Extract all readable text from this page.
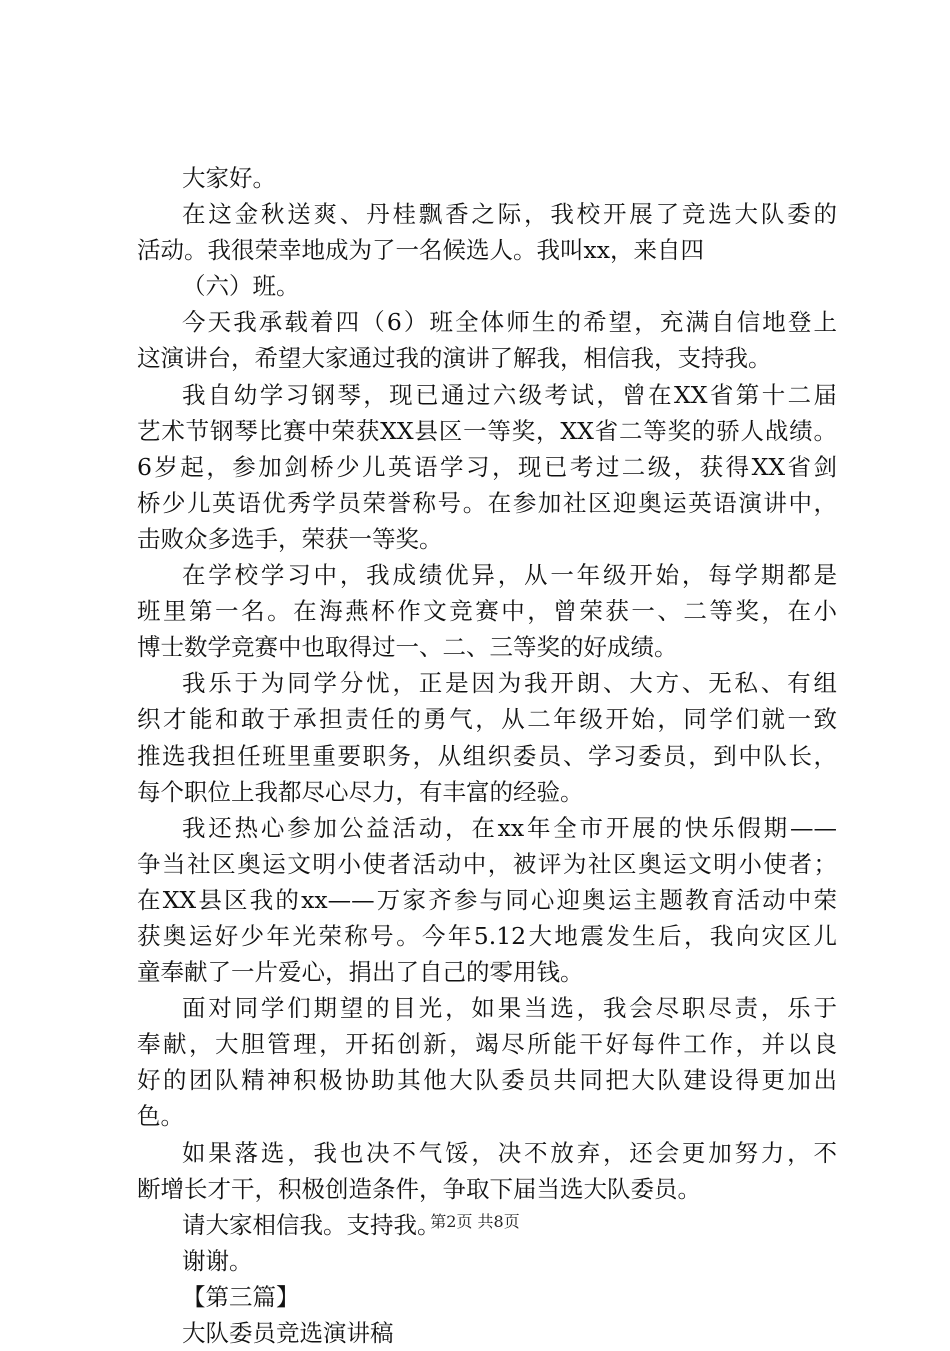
大家好。
在这金秋送爽、丹桂飘香之际，我校开展了竞选大队委的
活动。我很荣幸地成为了一名候选人。我叫xx，来自四
（六）班。
今天我承载着四（6）班全体师生的希望，充满自信地登上
这演讲台，希望大家通过我的演讲了解我，相信我，支持我。
我自幼学习钢琴，现已通过六级考试，曾在XX省第十二届
艺术节钢琴比赛中荣获XX县区一等奖，XX省二等奖的骄人战绩。
6岁起，参加剑桥少儿英语学习，现已考过二级，获得XX省剑
桥少儿英语优秀学员荣誉称号。在参加社区迎奥运英语演讲中，
击败众多选手，荣获一等奖。
在学校学习中，我成绩优异，从一年级开始，每学期都是
班里第一名。在海燕杯作文竞赛中，曾荣获一、二等奖，在小
博士数学竞赛中也取得过一、二、三等奖的好成绩。
我乐于为同学分忧，正是因为我开朗、大方、无私、有组
织才能和敢于承担责任的勇气，从二年级开始，同学们就一致
推选我担任班里重要职务，从组织委员、学习委员，到中队长，
每个职位上我都尽心尽力，有丰富的经验。
我还热心参加公益活动，在xx年全市开展的快乐假期——
争当社区奥运文明小使者活动中，被评为社区奥运文明小使者；
在XX县区我的xx——万家齐参与同心迎奥运主题教育活动中荣
获奥运好少年光荣称号。今年5.12大地震发生后，我向灾区儿
童奉献了一片爱心，捐出了自己的零用钱。
面对同学们期望的目光，如果当选，我会尽职尽责，乐于
奉献，大胆管理，开拓创新，竭尽所能干好每件工作，并以良
好的团队精神积极协助其他大队委员共同把大队建设得更加出
色。
如果落选，我也决不气馁，决不放弃，还会更加努力，不
断增长才干，积极创造条件，争取下届当选大队委员。
请大家相信我。支持我。
谢谢。
【第三篇】
大队委员竞选演讲稿
第2页 共8页
